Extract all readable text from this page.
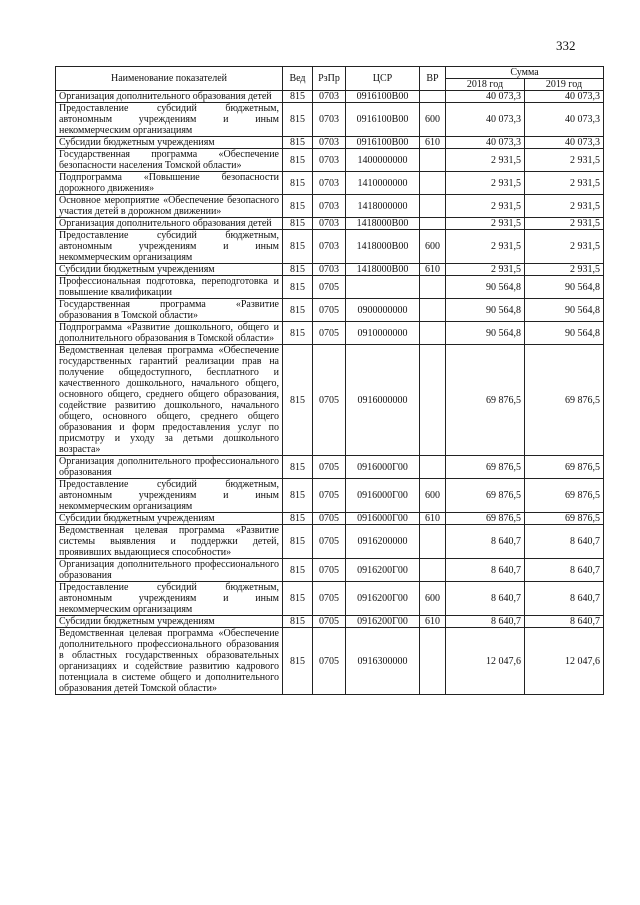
332
Наименование показателей	Вед	РзПр	ЦСР	ВР	Сумма	
					2018 год	2019 год
Организация дополнительного образования детей	815	0703	0916100В00		40 073,3	40 073,3
Предоставление субсидий бюджетным, автономным учреждениям и иным некоммерческим организациям	815	0703	0916100В00	600	40 073,3	40 073,3
Субсидии бюджетным учреждениям	815	0703	0916100В00	610	40 073,3	40 073,3
Государственная программа «Обеспечение безопасности населения Томской области»	815	0703	1400000000		2 931,5	2 931,5
Подпрограмма «Повышение безопасности дорожного движения»	815	0703	1410000000		2 931,5	2 931,5
Основное мероприятие «Обеспечение безопасного участия детей в дорожном движении»	815	0703	1418000000		2 931,5	2 931,5
Организация дополнительного образования детей	815	0703	1418000В00		2 931,5	2 931,5
Предоставление субсидий бюджетным, автономным учреждениям и иным некоммерческим организациям	815	0703	1418000В00	600	2 931,5	2 931,5
Субсидии бюджетным учреждениям	815	0703	1418000В00	610	2 931,5	2 931,5
Профессиональная подготовка, переподготовка и повышение квалификации	815	0705			90 564,8	90 564,8
Государственная программа «Развитие образования в Томской области»	815	0705	0900000000		90 564,8	90 564,8
Подпрограмма «Развитие дошкольного, общего и дополнительного образования в Томской области»	815	0705	0910000000		90 564,8	90 564,8
Ведомственная целевая программа «Обеспечение государственных гарантий реализации прав на получение общедоступного, бесплатного и качественного дошкольного, начального общего, основного общего, среднего общего образования, содействие развитию дошкольного, начального общего, основного общего, среднего общего образования и форм предоставления услуг по присмотру и уходу за детьми дошкольного возраста»	815	0705	0916000000		69 876,5	69 876,5
Организация дополнительного профессионального образования	815	0705	0916000Г00		69 876,5	69 876,5
Предоставление субсидий бюджетным, автономным учреждениям и иным некоммерческим организациям	815	0705	0916000Г00	600	69 876,5	69 876,5
Субсидии бюджетным учреждениям	815	0705	0916000Г00	610	69 876,5	69 876,5
Ведомственная целевая программа «Развитие системы выявления и поддержки детей, проявивших выдающиеся способности»	815	0705	0916200000		8 640,7	8 640,7
Организация дополнительного профессионального образования	815	0705	0916200Г00		8 640,7	8 640,7
Предоставление субсидий бюджетным, автономным учреждениям и иным некоммерческим организациям	815	0705	0916200Г00	600	8 640,7	8 640,7
Субсидии бюджетным учреждениям	815	0705	0916200Г00	610	8 640,7	8 640,7
Ведомственная целевая программа «Обеспечение дополнительного профессионального образования в областных государственных образовательных организациях и содействие развитию кадрового потенциала в системе общего и дополнительного образования детей Томской области»	815	0705	0916300000		12 047,6	12 047,6
